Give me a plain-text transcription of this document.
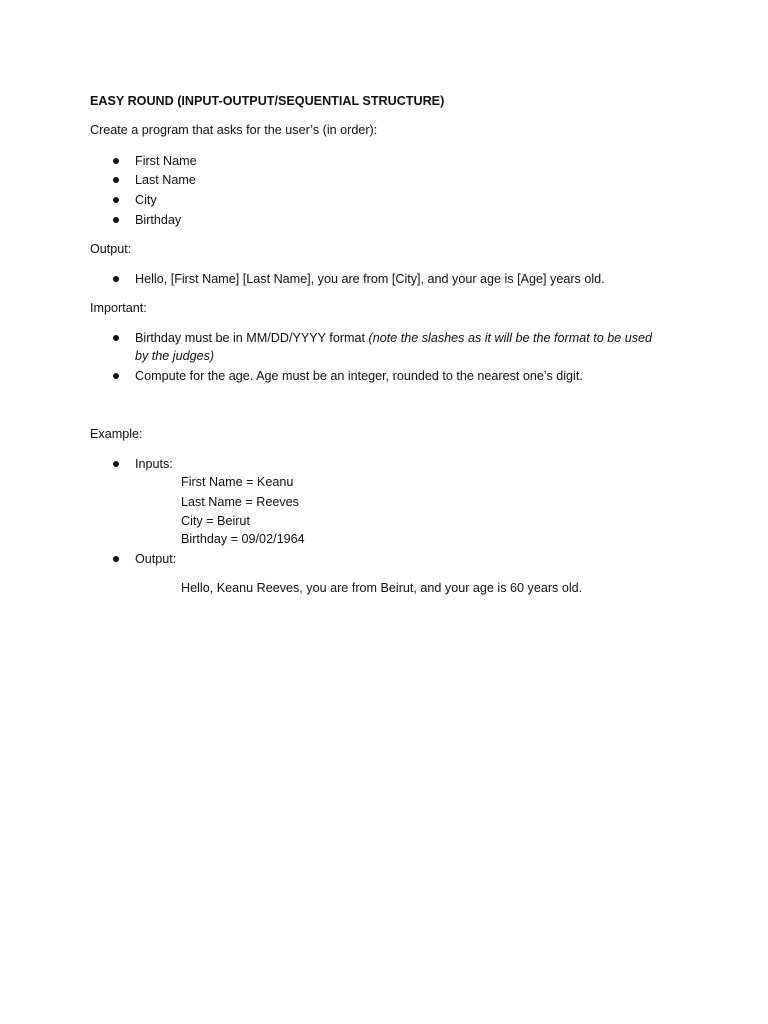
EASY ROUND (INPUT-OUTPUT/SEQUENTIAL STRUCTURE)
Create a program that asks for the user’s (in order):
First Name
Last Name
City
Birthday
Output:
Hello, [First Name] [Last Name], you are from [City], and your age is [Age] years old.
Important:
Birthday must be in MM/DD/YYYY format (note the slashes as it will be the format to be used
by the judges)
Compute for the age. Age must be an integer, rounded to the nearest one’s digit.
Example:
Inputs:
First Name = Keanu
Last Name = Reeves
City = Beirut
Birthday = 09/02/1964
Output:
Hello, Keanu Reeves, you are from Beirut, and your age is 60 years old.
